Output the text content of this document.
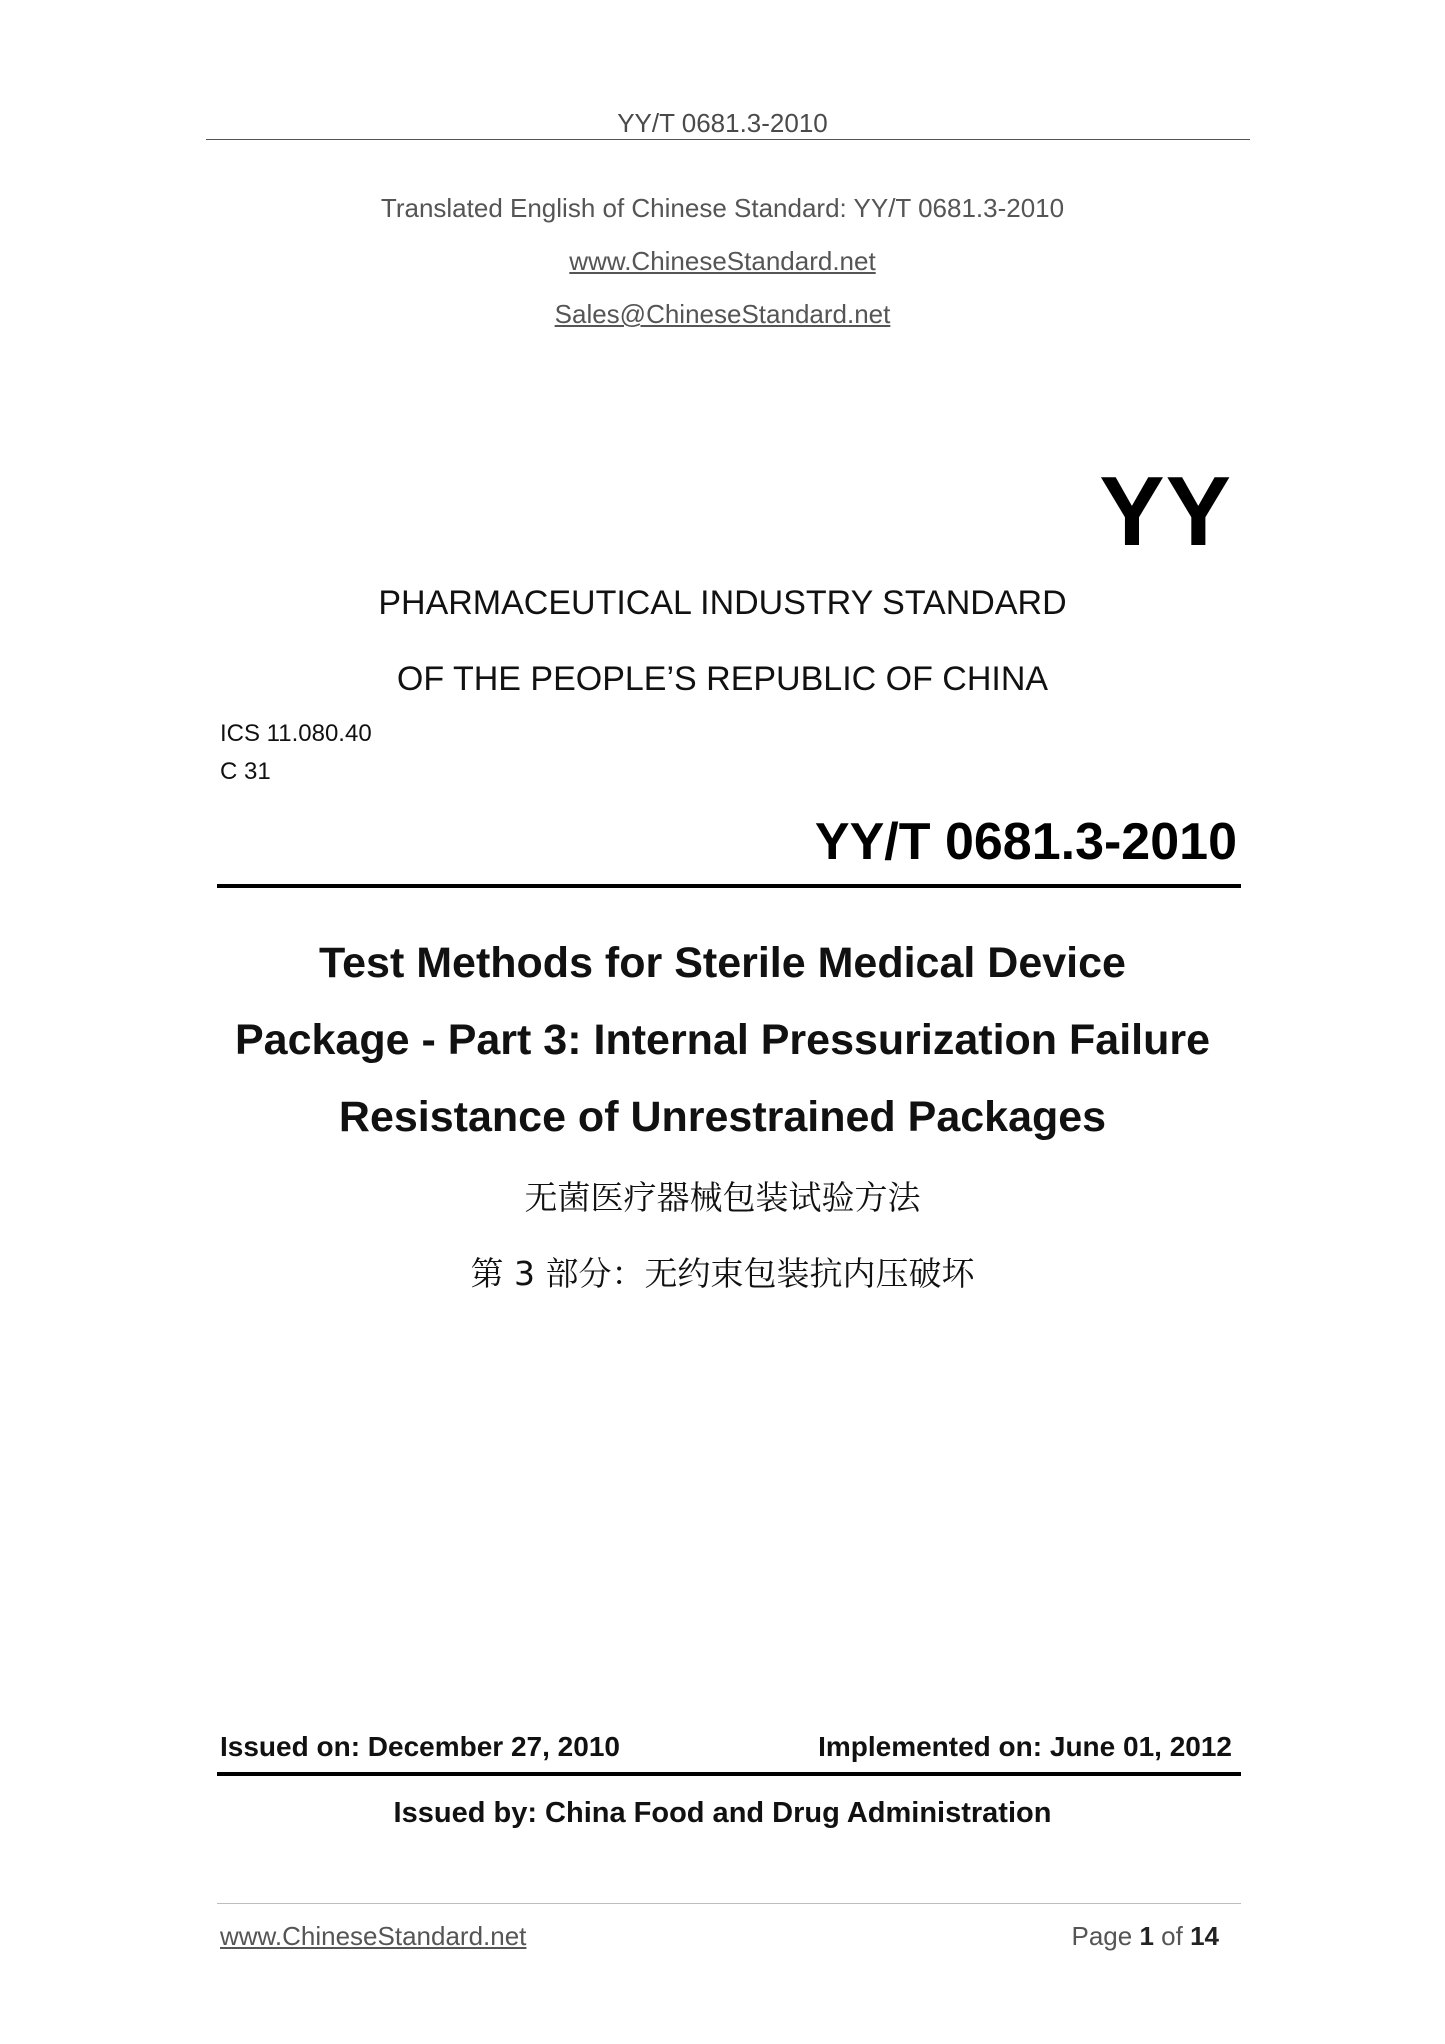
YY/T 0681.3-2010
Translated English of Chinese Standard: YY/T 0681.3-2010
www.ChineseStandard.net
Sales@ChineseStandard.net
YY
PHARMACEUTICAL INDUSTRY STANDARD
OF THE PEOPLE’S REPUBLIC OF CHINA
ICS 11.080.40
C 31
YY/T 0681.3-2010
Test Methods for Sterile Medical Device
Package - Part 3: Internal Pressurization Failure
Resistance of Unrestrained Packages
无菌医疗器械包装试验方法
第 3 部分：无约束包装抗内压破坏
Issued on: December 27, 2010	Implemented on: June 01, 2012
Issued by: China Food and Drug Administration
www.ChineseStandard.net	Page 1 of 14
